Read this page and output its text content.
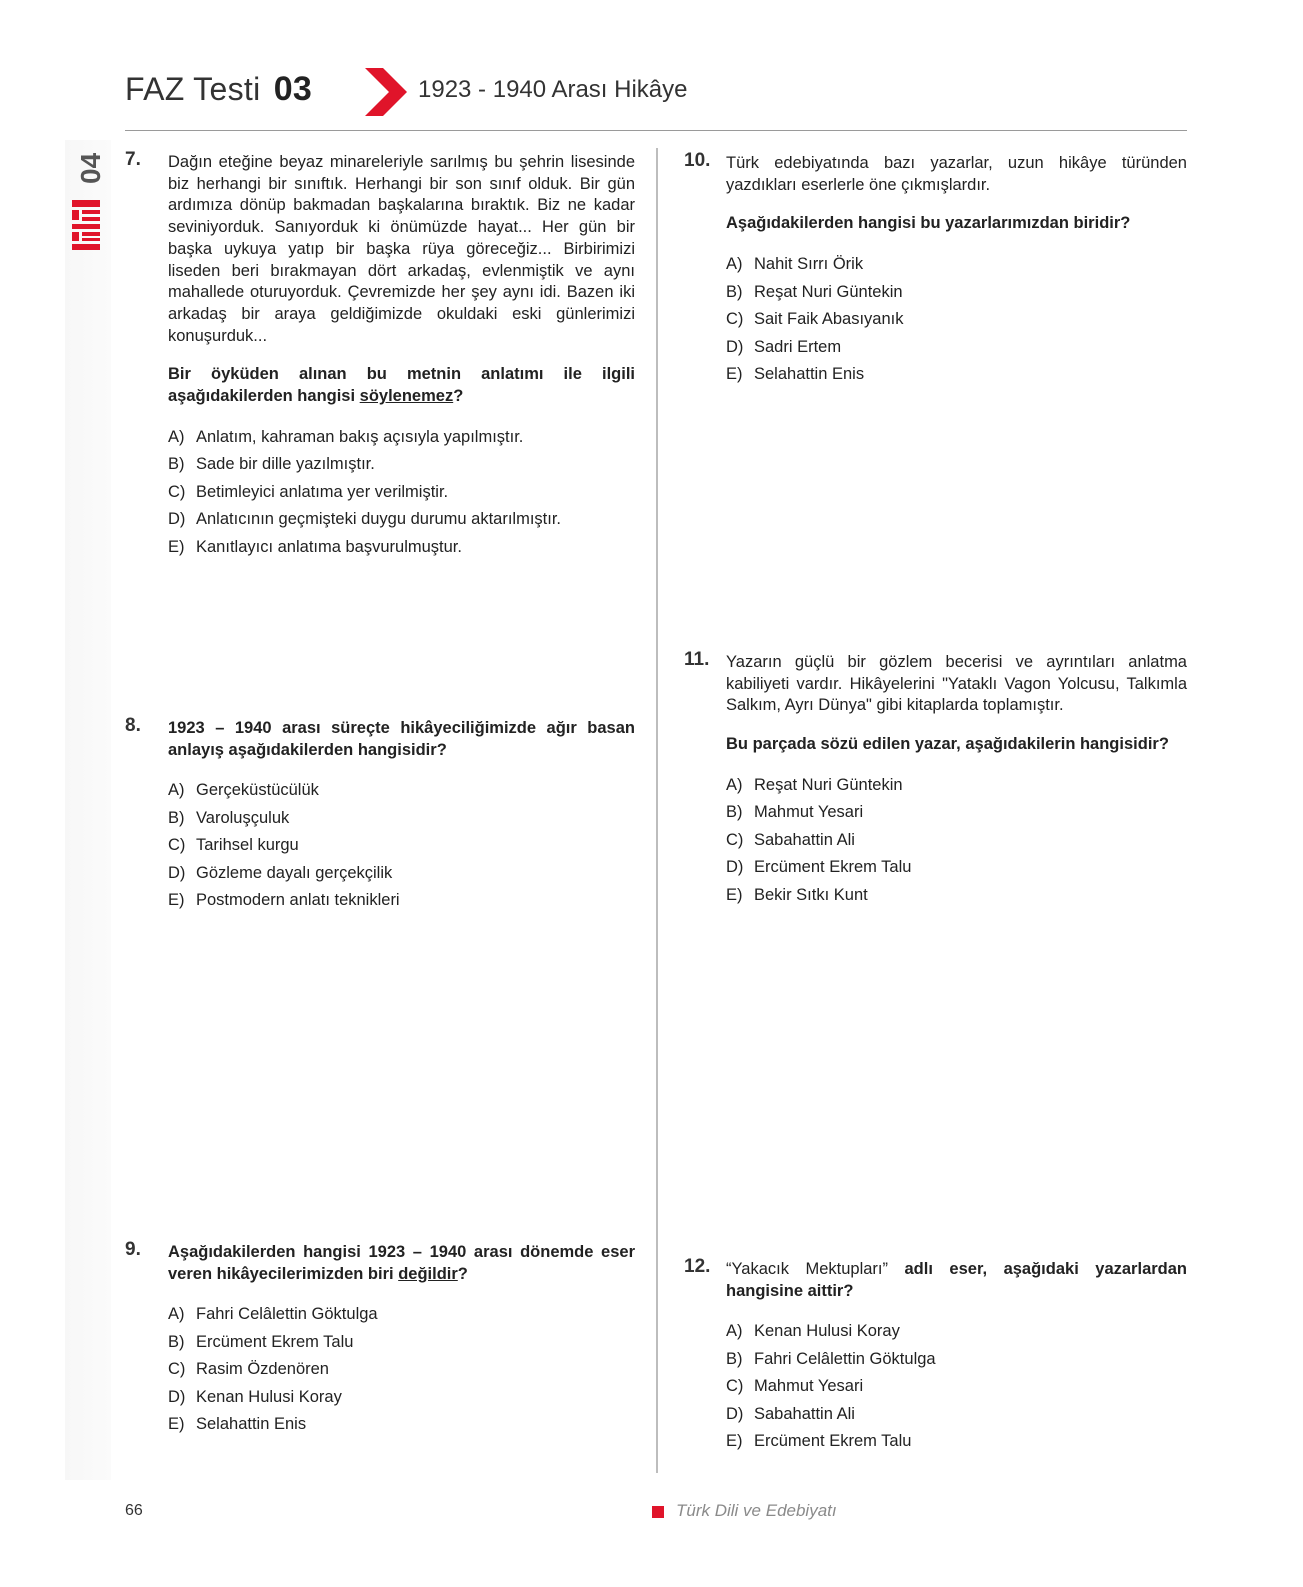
04
FAZ Testi 03	1923 - 1940 Arası Hikâye
7. Dağın eteğine beyaz minareleriyle sarılmış bu şehrin lisesinde biz herhangi bir sınıftık. Herhangi bir son sınıf olduk. Bir gün ardımıza dönüp bakmadan başkalarına bıraktık. Biz ne kadar seviniyorduk. Sanıyorduk ki önümüzde hayat... Her gün bir başka uykuya yatıp bir başka rüya göreceğiz... Birbirimizi liseden beri bırakmayan dört arkadaş, evlenmiştik ve aynı mahallede oturuyorduk. Çevremizde her şey aynı idi. Bazen iki arkadaş bir araya geldiğimizde okuldaki eski günlerimizi konuşurduk...

Bir öyküden alınan bu metnin anlatımı ile ilgili aşağıdakilerden hangisi söylenemez?

A) Anlatım, kahraman bakış açısıyla yapılmıştır.
B) Sade bir dille yazılmıştır.
C) Betimleyici anlatıma yer verilmiştir.
D) Anlatıcının geçmişteki duygu durumu aktarılmıştır.
E) Kanıtlayıcı anlatıma başvurulmuştur.
8. 1923 – 1940 arası süreçte hikâyeciliğimizde ağır basan anlayış aşağıdakilerden hangisidir?

A) Gerçeküstücülük
B) Varoluşçuluk
C) Tarihsel kurgu
D) Gözleme dayalı gerçekçilik
E) Postmodern anlatı teknikleri
9. Aşağıdakilerden hangisi 1923 – 1940 arası dönemde eser veren hikâyecilerimizden biri değildir?

A) Fahri Celâlettin Göktulga
B) Ercüment Ekrem Talu
C) Rasim Özdenören
D) Kenan Hulusi Koray
E) Selahattin Enis
10. Türk edebiyatında bazı yazarlar, uzun hikâye türünden yazdıkları eserlerle öne çıkmışlardır.

Aşağıdakilerden hangisi bu yazarlarımızdan biridir?

A) Nahit Sırrı Örik
B) Reşat Nuri Güntekin
C) Sait Faik Abasıyanık
D) Sadri Ertem
E) Selahattin Enis
11. Yazarın güçlü bir gözlem becerisi ve ayrıntıları anlatma kabiliyeti vardır. Hikâyelerini "Yataklı Vagon Yolcusu, Talkımla Salkım, Ayrı Dünya" gibi kitaplarda toplamıştır.

Bu parçada sözü edilen yazar, aşağıdakilerin hangisidir?

A) Reşat Nuri Güntekin
B) Mahmut Yesari
C) Sabahattin Ali
D) Ercüment Ekrem Talu
E) Bekir Sıtkı Kunt
12. “Yakacık Mektupları” adlı eser, aşağıdaki yazarlardan hangisine aittir?

A) Kenan Hulusi Koray
B) Fahri Celâlettin Göktulga
C) Mahmut Yesari
D) Sabahattin Ali
E) Ercüment Ekrem Talu
66	Türk Dili ve Edebiyatı
